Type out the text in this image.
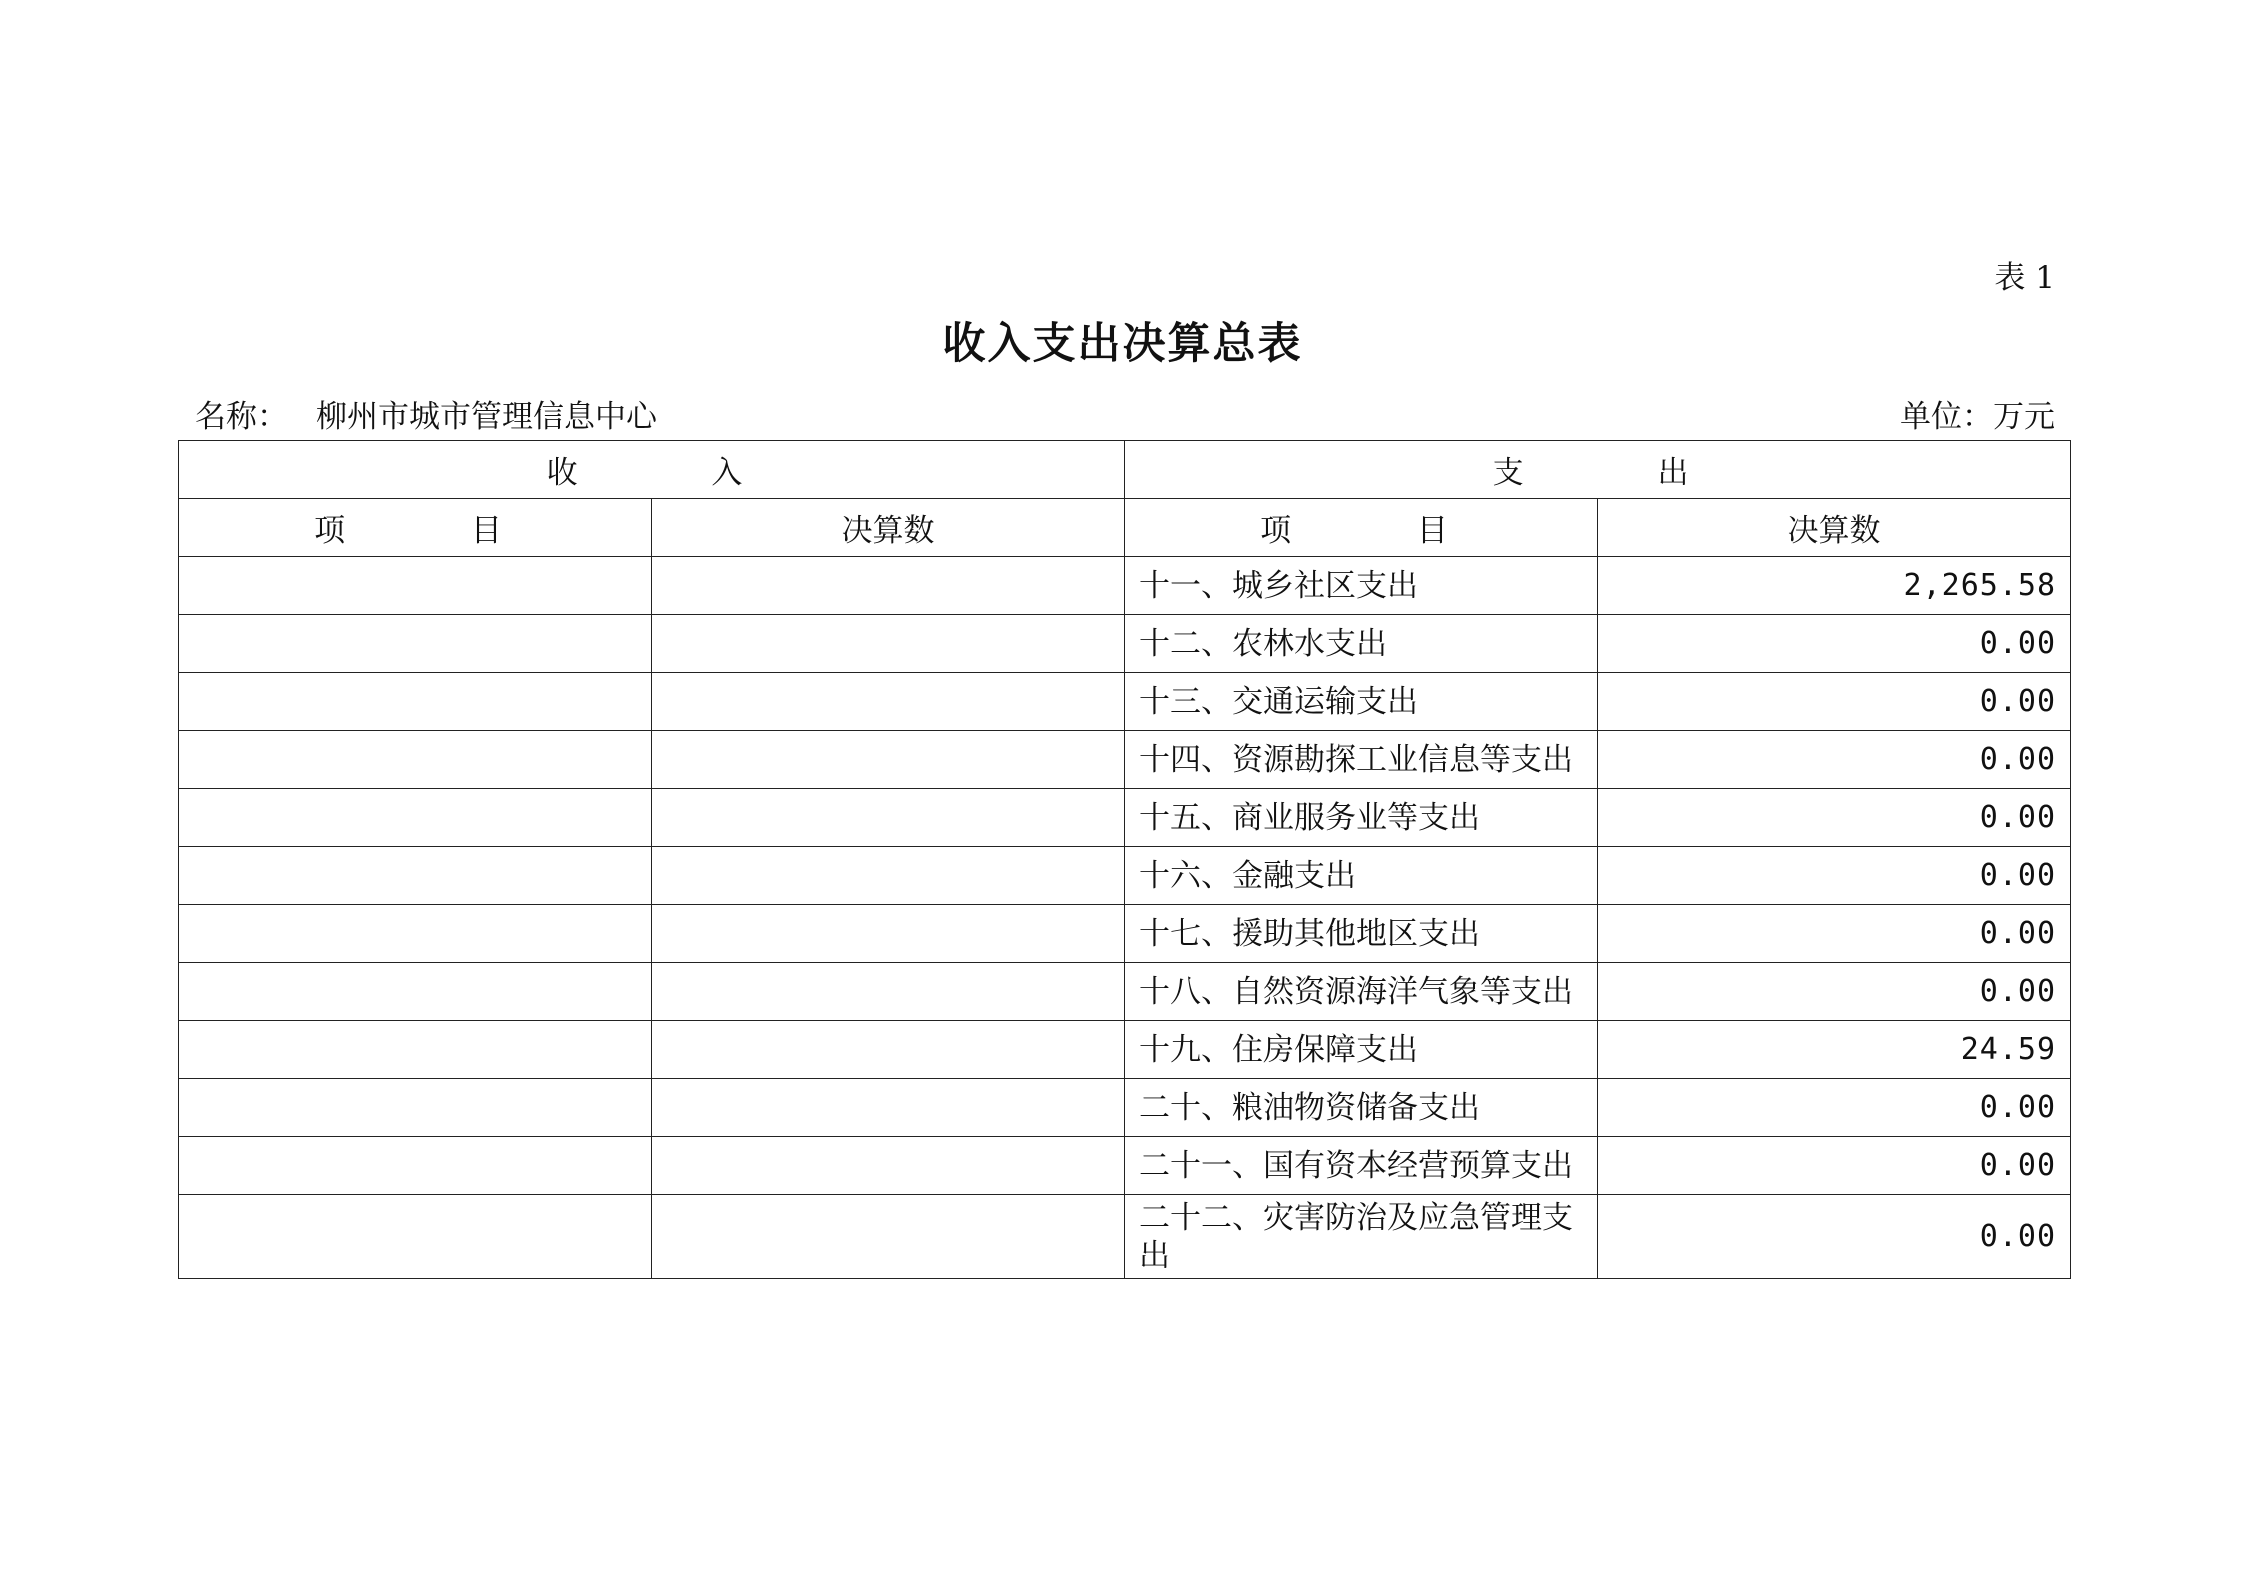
表 1
收入支出决算总表
名称： 柳州市城市管理信息中心	单位：万元
收 入		支 出	
项 目	决算数	项 目	决算数
		十一、城乡社区支出	2,265.58
		十二、农林水支出	0.00
		十三、交通运输支出	0.00
		十四、资源勘探工业信息等支出	0.00
		十五、商业服务业等支出	0.00
		十六、金融支出	0.00
		十七、援助其他地区支出	0.00
		十八、自然资源海洋气象等支出	0.00
		十九、住房保障支出	24.59
		二十、粮油物资储备支出	0.00
		二十一、国有资本经营预算支出	0.00
		二十二、灾害防治及应急管理支出	0.00
